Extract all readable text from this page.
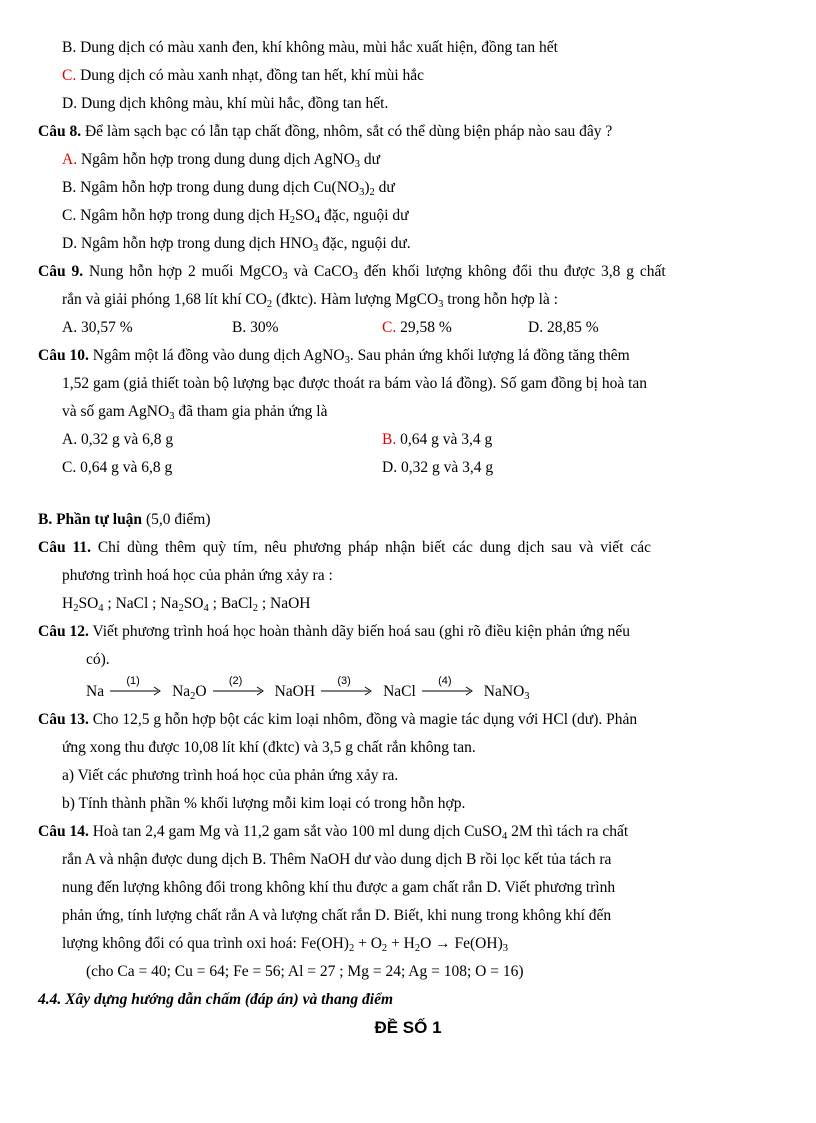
B. Dung dịch có màu xanh đen, khí không màu, mùi hắc xuất hiện, đồng tan hết
C. Dung dịch có màu xanh nhạt, đồng tan hết, khí mùi hắc
D. Dung dịch không màu, khí mùi hắc, đồng tan hết.
Câu 8. Để làm sạch bạc có lẫn tạp chất đồng, nhôm, sắt có thể dùng biện pháp nào sau đây ?
A. Ngâm hỗn hợp trong dung dung dịch AgNO$_3$ dư
B. Ngâm hỗn hợp trong dung dung dịch $Cu(NO_3)_2$ dư
C. Ngâm hỗn hợp trong dung dịch $H_2SO_4$ đặc, nguội dư
D. Ngâm hỗn hợp trong dung dịch $HNO_3$ đặc, nguội dư.
Câu 9. Nung hỗn hợp 2 muối MgCO$_3$ và CaCO$_3$ đến khối lượng không đổi thu được 3,8 g chất
rắn và giải phóng 1,68 lít khí $CO_2$ (đktc). Hàm lượng MgCO$_3$ trong hỗn hợp là :
A. 30,57 %	B. 30%	C. 29,58 %	D. 28,85 %
Câu 10. Ngâm một lá đồng vào dung dịch AgNO$_3$. Sau phản ứng khối lượng lá đồng tăng thêm
1,52 gam (giả thiết toàn bộ lượng bạc được thoát ra bám vào lá đồng). Số gam đồng bị hoà tan
và số gam AgNO$_3$ đã tham gia phản ứng là
A. 0,32 g và 6,8 g	B. 0,64 g và 3,4 g
C. 0,64 g và 6,8 g	D. 0,32 g và 3,4 g
B. Phần tự luận (5,0 điểm)
Câu 11. Chỉ dùng thêm quỳ tím, nêu phương pháp nhận biết các dung dịch sau và viết các
phương trình hoá học của phản ứng xảy ra :
$H_2SO_4$ ; NaCl ; $Na_2SO_4$ ; BaCl$_2$ ; NaOH
Câu 12. Viết phương trình hoá học hoàn thành dãy biến hoá sau (ghi rõ điều kiện phản ứng nếu
có).
Na
(1)
$Na_2O$
(2)
NaOH
(3)
NaCl
(4)
NaNO$_3$
Câu 13. Cho 12,5 g hỗn hợp bột các kim loại nhôm, đồng và magie tác dụng với HCl (dư). Phản
ứng xong thu được 10,08 lít khí (đktc) và 3,5 g chất rắn không tan.
a) Viết các phương trình hoá học của phản ứng xảy ra.
b) Tính thành phần % khối lượng mỗi kim loại có trong hỗn hợp.
Câu 14. Hoà tan 2,4 gam Mg và 11,2 gam sắt vào 100 ml dung dịch CuSO$_4$ 2M thì tách ra chất
rắn A và nhận được dung dịch B. Thêm NaOH dư vào dung dịch B rồi lọc kết tủa tách ra
nung đến lượng không đổi trong không khí thu được a gam chất rắn D. Viết phương trình
phản ứng, tính lượng chất rắn A và lượng chất rắn D. Biết, khi nung trong không khí đến
lượng không đổi có qua trình oxi hoá: $Fe(OH)_2 + O_2 + H_2O \to Fe(OH)_3$
(cho Ca = 40; Cu = 64; Fe = 56; Al = 27 ; Mg = 24; Ag = 108; O = 16)
4.4. Xây dựng hướng dẫn chấm (đáp án) và thang điểm
ĐỀ SỐ 1
